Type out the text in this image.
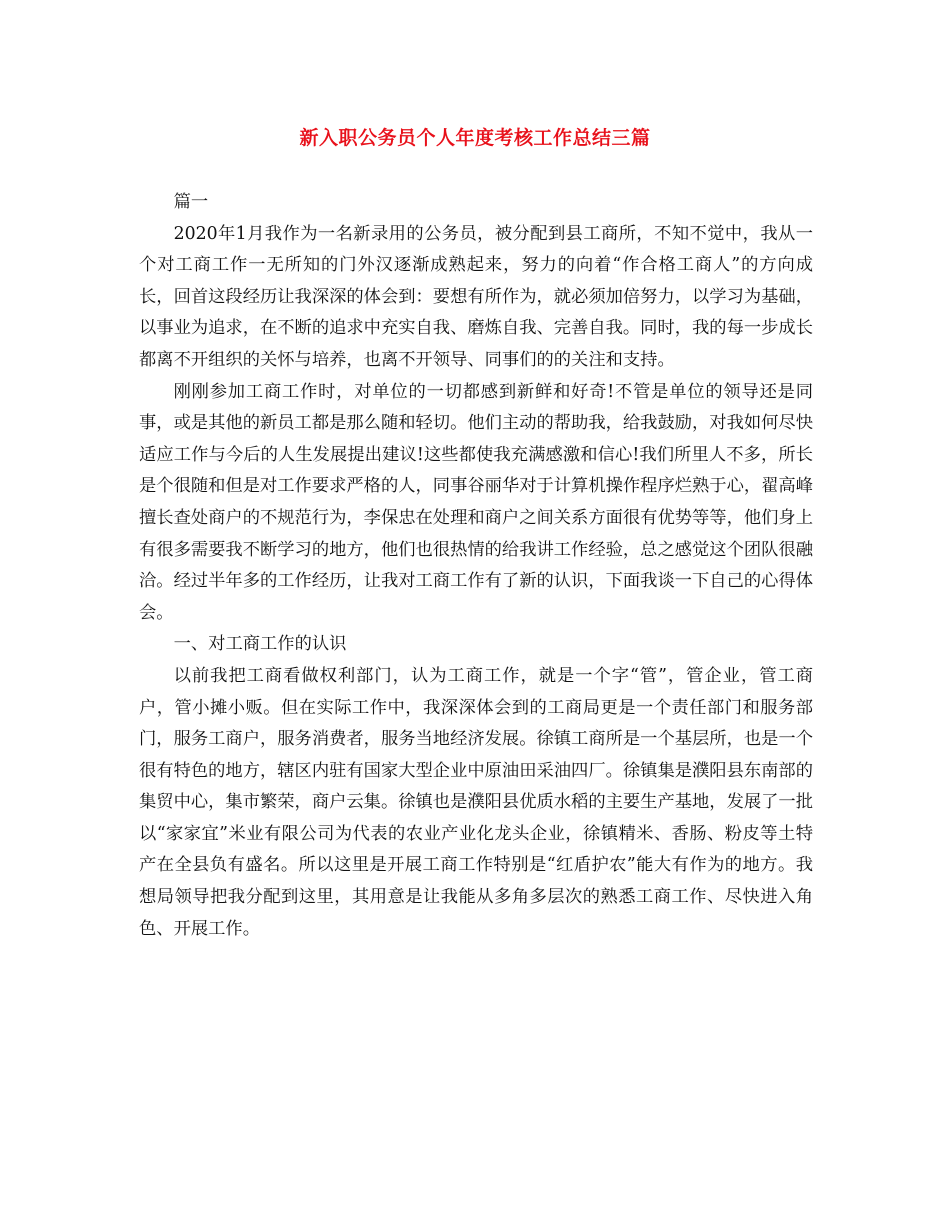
新入职公务员个人年度考核工作总结三篇

篇一

2020年1月我作为一名新录用的公务员，被分配到县工商所，不知不觉中，我从一个对工商工作一无所知的门外汉逐渐成熟起来，努力的向着“作合格工商人”的方向成长，回首这段经历让我深深的体会到：要想有所作为，就必须加倍努力，以学习为基础，以事业为追求，在不断的追求中充实自我、磨炼自我、完善自我。同时，我的每一步成长都离不开组织的关怀与培养，也离不开领导、同事们的的关注和支持。

刚刚参加工商工作时，对单位的一切都感到新鲜和好奇!不管是单位的领导还是同事，或是其他的新员工都是那么随和轻切。他们主动的帮助我，给我鼓励，对我如何尽快适应工作与今后的人生发展提出建议!这些都使我充满感激和信心!我们所里人不多，所长是个很随和但是对工作要求严格的人，同事谷丽华对于计算机操作程序烂熟于心，翟高峰擅长查处商户的不规范行为，李保忠在处理和商户之间关系方面很有优势等等，他们身上有很多需要我不断学习的地方，他们也很热情的给我讲工作经验，总之感觉这个团队很融洽。经过半年多的工作经历，让我对工商工作有了新的认识，下面我谈一下自己的心得体会。

一、对工商工作的认识

以前我把工商看做权利部门，认为工商工作，就是一个字“管”，管企业，管工商户，管小摊小贩。但在实际工作中，我深深体会到的工商局更是一个责任部门和服务部门，服务工商户，服务消费者，服务当地经济发展。徐镇工商所是一个基层所，也是一个很有特色的地方，辖区内驻有国家大型企业中原油田采油四厂。徐镇集是濮阳县东南部的集贸中心，集市繁荣，商户云集。徐镇也是濮阳县优质水稻的主要生产基地，发展了一批以“家家宜”米业有限公司为代表的农业产业化龙头企业，徐镇精米、香肠、粉皮等土特产在全县负有盛名。所以这里是开展工商工作特别是“红盾护农”能大有作为的地方。我想局领导把我分配到这里，其用意是让我能从多角多层次的熟悉工商工作、尽快进入角色、开展工作。
